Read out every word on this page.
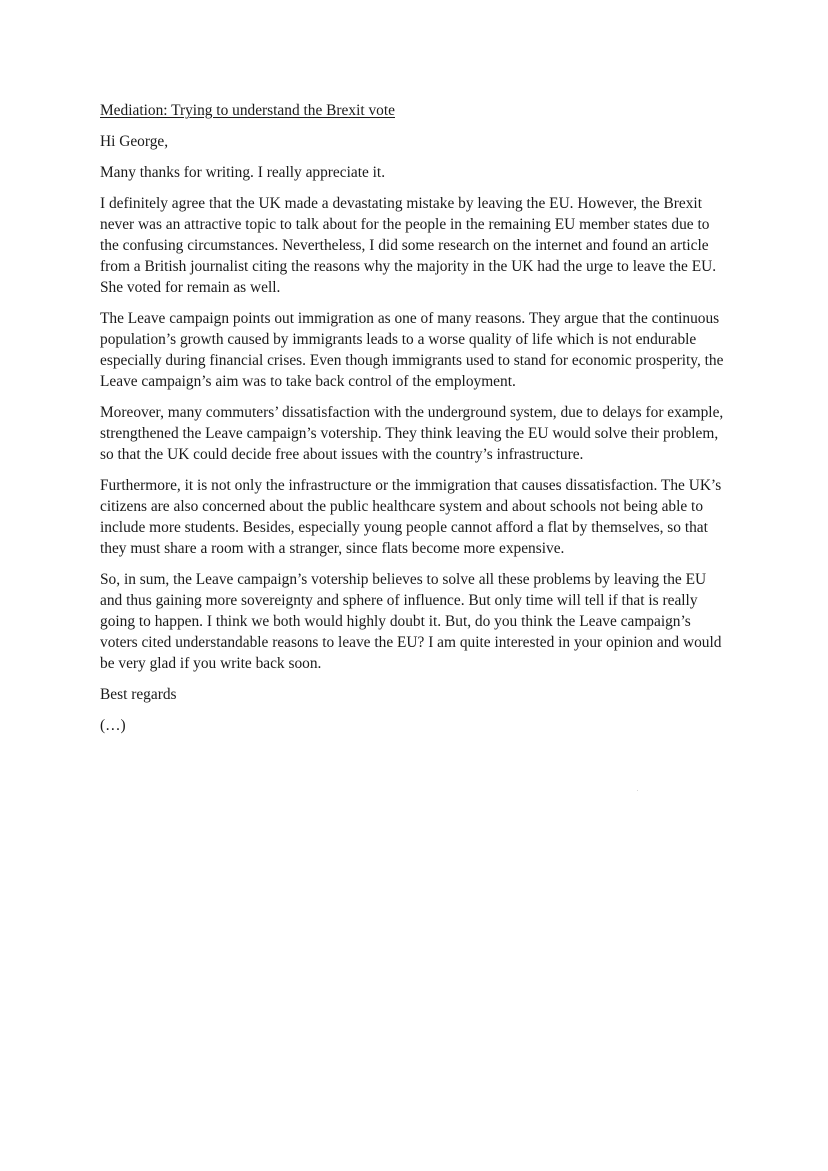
Mediation: Trying to understand the Brexit vote

Hi George,

Many thanks for writing. I really appreciate it.

I definitely agree that the UK made a devastating mistake by leaving the EU. However, the Brexit never was an attractive topic to talk about for the people in the remaining EU member states due to the confusing circumstances. Nevertheless, I did some research on the internet and found an article from a British journalist citing the reasons why the majority in the UK had the urge to leave the EU. She voted for remain as well.

The Leave campaign points out immigration as one of many reasons. They argue that the continuous population’s growth caused by immigrants leads to a worse quality of life which is not endurable especially during financial crises. Even though immigrants used to stand for economic prosperity, the Leave campaign’s aim was to take back control of the employment.

Moreover, many commuters’ dissatisfaction with the underground system, due to delays for example, strengthened the Leave campaign’s votership. They think leaving the EU would solve their problem, so that the UK could decide free about issues with the country’s infrastructure.

Furthermore, it is not only the infrastructure or the immigration that causes dissatisfaction. The UK’s citizens are also concerned about the public healthcare system and about schools not being able to include more students. Besides, especially young people cannot afford a flat by themselves, so that they must share a room with a stranger, since flats become more expensive.

So, in sum, the Leave campaign’s votership believes to solve all these problems by leaving the EU and thus gaining more sovereignty and sphere of influence. But only time will tell if that is really going to happen. I think we both would highly doubt it. But, do you think the Leave campaign’s voters cited understandable reasons to leave the EU? I am quite interested in your opinion and would be very glad if you write back soon.

Best regards

(…)
